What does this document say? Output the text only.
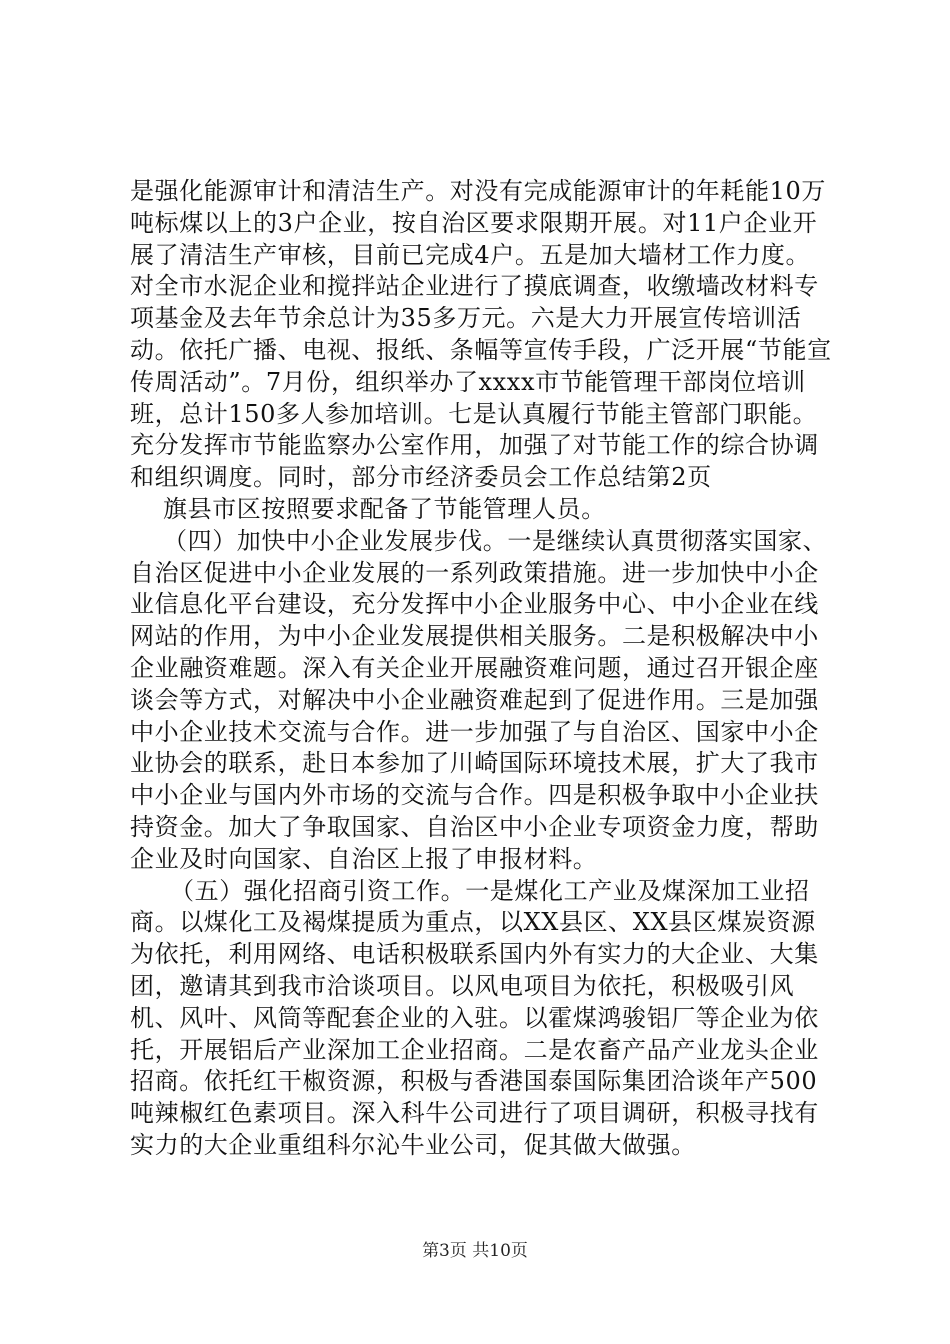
是强化能源审计和清洁生产。对没有完成能源审计的年耗能10万吨标煤以上的3户企业，按自治区要求限期开展。对11户企业开展了清洁生产审核，目前已完成4户。五是加大墙材工作力度。对全市水泥企业和搅拌站企业进行了摸底调查，收缴墙改材料专项基金及去年节余总计为35多万元。六是大力开展宣传培训活动。依托广播、电视、报纸、条幅等宣传手段，广泛开展“节能宣传周活动”。7月份，组织举办了xxxx市节能管理干部岗位培训班，总计150多人参加培训。七是认真履行节能主管部门职能。充分发挥市节能监察办公室作用，加强了对节能工作的综合协调和组织调度。同时，部分市经济委员会工作总结第2页

旗县市区按照要求配备了节能管理人员。

（四）加快中小企业发展步伐。一是继续认真贯彻落实国家、自治区促进中小企业发展的一系列政策措施。进一步加快中小企业信息化平台建设，充分发挥中小企业服务中心、中小企业在线网站的作用，为中小企业发展提供相关服务。二是积极解决中小企业融资难题。深入有关企业开展融资难问题，通过召开银企座谈会等方式，对解决中小企业融资难起到了促进作用。三是加强中小企业技术交流与合作。进一步加强了与自治区、国家中小企业协会的联系，赴日本参加了川崎国际环境技术展，扩大了我市中小企业与国内外市场的交流与合作。四是积极争取中小企业扶持资金。加大了争取国家、自治区中小企业专项资金力度，帮助企业及时向国家、自治区上报了申报材料。

（五）强化招商引资工作。一是煤化工产业及煤深加工业招商。以煤化工及褐煤提质为重点，以XX县区、XX县区煤炭资源为依托，利用网络、电话积极联系国内外有实力的大企业、大集团，邀请其到我市洽谈项目。以风电项目为依托，积极吸引风机、风叶、风筒等配套企业的入驻。以霍煤鸿骏铝厂等企业为依托，开展铝后产业深加工企业招商。二是农畜产品产业龙头企业招商。依托红干椒资源，积极与香港国泰国际集团洽谈年产500吨辣椒红色素项目。深入科牛公司进行了项目调研，积极寻找有实力的大企业重组科尔沁牛业公司，促其做大做强。

第3页 共10页
